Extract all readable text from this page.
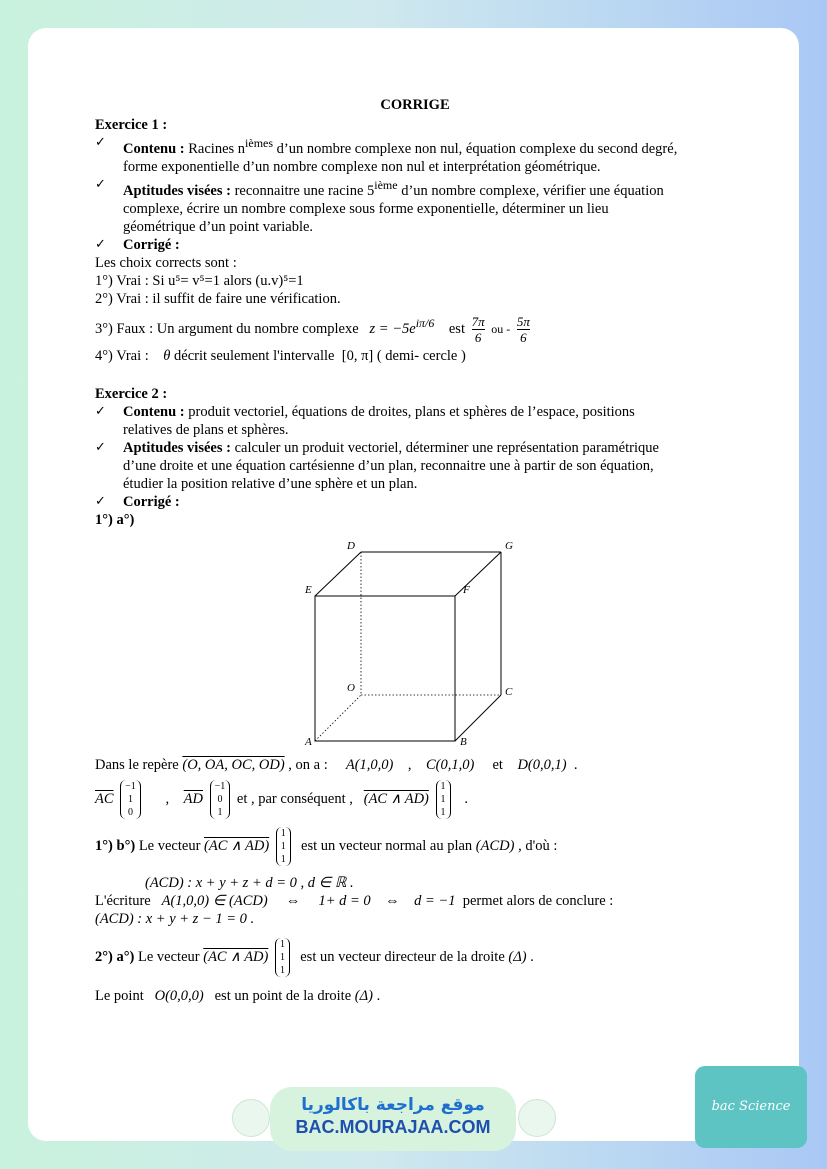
CORRIGE
Exercice 1 :
✓ Contenu : Racines $n^{ièmes}$ d’un nombre complexe non nul, équation complexe du second degré,
forme exponentielle d’un nombre complexe non nul et interprétation géométrique.
✓ Aptitudes visées : reconnaitre une racine 5ième d’un nombre complexe, vérifier une équation
complexe, écrire un nombre complexe sous forme exponentielle, déterminer un lieu
géométrique d’un point variable.
✓ Corrigé :
Les choix corrects sont :
1°) Vrai : Si u⁵= v⁵=1 alors (u.v)⁵=1
2°) Vrai : il suffit de faire une vérification.
3°) Faux : Un argument du nombre complexe $z = -5e^{i\pi/6}$ est $\frac{7\pi}{6}$ ou - $\frac{5\pi}{6}$
4°) Vrai : θ décrit seulement l'intervalle [0, π] ( demi- cercle )
Exercice 2 :
✓ Contenu : produit vectoriel, équations de droites, plans et sphères de l’espace, positions
relatives de plans et sphères.
✓ Aptitudes visées : calculer un produit vectoriel, déterminer une représentation paramétrique
d’une droite et une équation cartésienne d’un plan, reconnaitre une à partir de son équation,
étudier la position relative d’une sphère et un plan.
✓ Corrigé :
1°) a°)
D	G
E	F
O	C
A	B
Dans le repère (O, OA, OC, OD) , on a : A(1,0,0)    ,    C(0,1,0) et D(0,0,1)  .
$\overline{AC} -1$
1
0      ,    $\overline{AD} -1$
0
1 et , par conséquent , (AC ∧ AD) 1
1
1   .
1°) b°) Le vecteur (AC ∧ AD) 1
1
1  est un vecteur normal au plan (ACD) , d'où :
(ACD) : x + y + z + d = 0 , d ∈ ℝ .
L'écriture A(1,0,0) ∈ (ACD) ⇔ 1+ d = 0 ⇔ d = −1 permet alors de conclure :
(ACD) : x + y + z − 1 = 0 .
2°) a°) Le vecteur (AC ∧ AD) 1
1
1  est un vecteur directeur de la droite (Δ) .
Le point O(0,0,0) est un point de la droite (Δ) .
موقع مراجعة باكالوريا
BAC.MOURAJAA.COM
bac Science
